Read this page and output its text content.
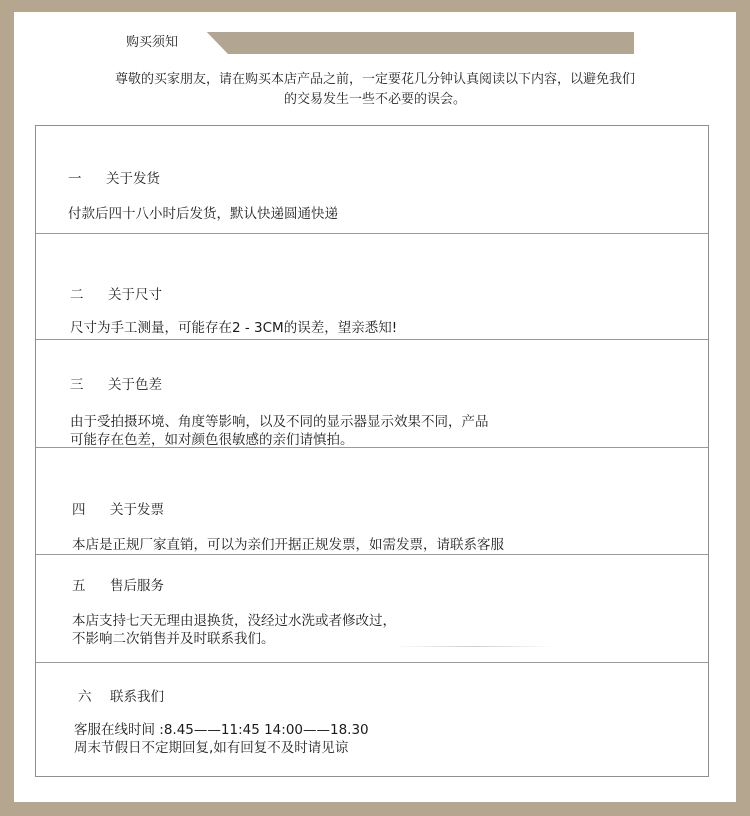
购买须知
尊敬的买家朋友，请在购买本店产品之前，一定要花几分钟认真阅读以下内容，以避免我们
的交易发生一些不必要的误会。
一 关于发货
付款后四十八小时后发货，默认快递圆通快递
二 关于尺寸
尺寸为手工测量，可能存在2 - 3CM的误差，望亲悉知!
三 关于色差
由于受拍摄环境、角度等影响，以及不同的显示器显示效果不同，产品
可能存在色差，如对颜色很敏感的亲们请慎拍。
四 关于发票
本店是正规厂家直销，可以为亲们开据正规发票，如需发票，请联系客服
五 售后服务
本店支持七天无理由退换货，没经过水洗或者修改过，
不影响二次销售并及时联系我们。
六 联系我们
客服在线时间 :8.45——11:45 14:00——18.30
周末节假日不定期回复,如有回复不及时请见谅
